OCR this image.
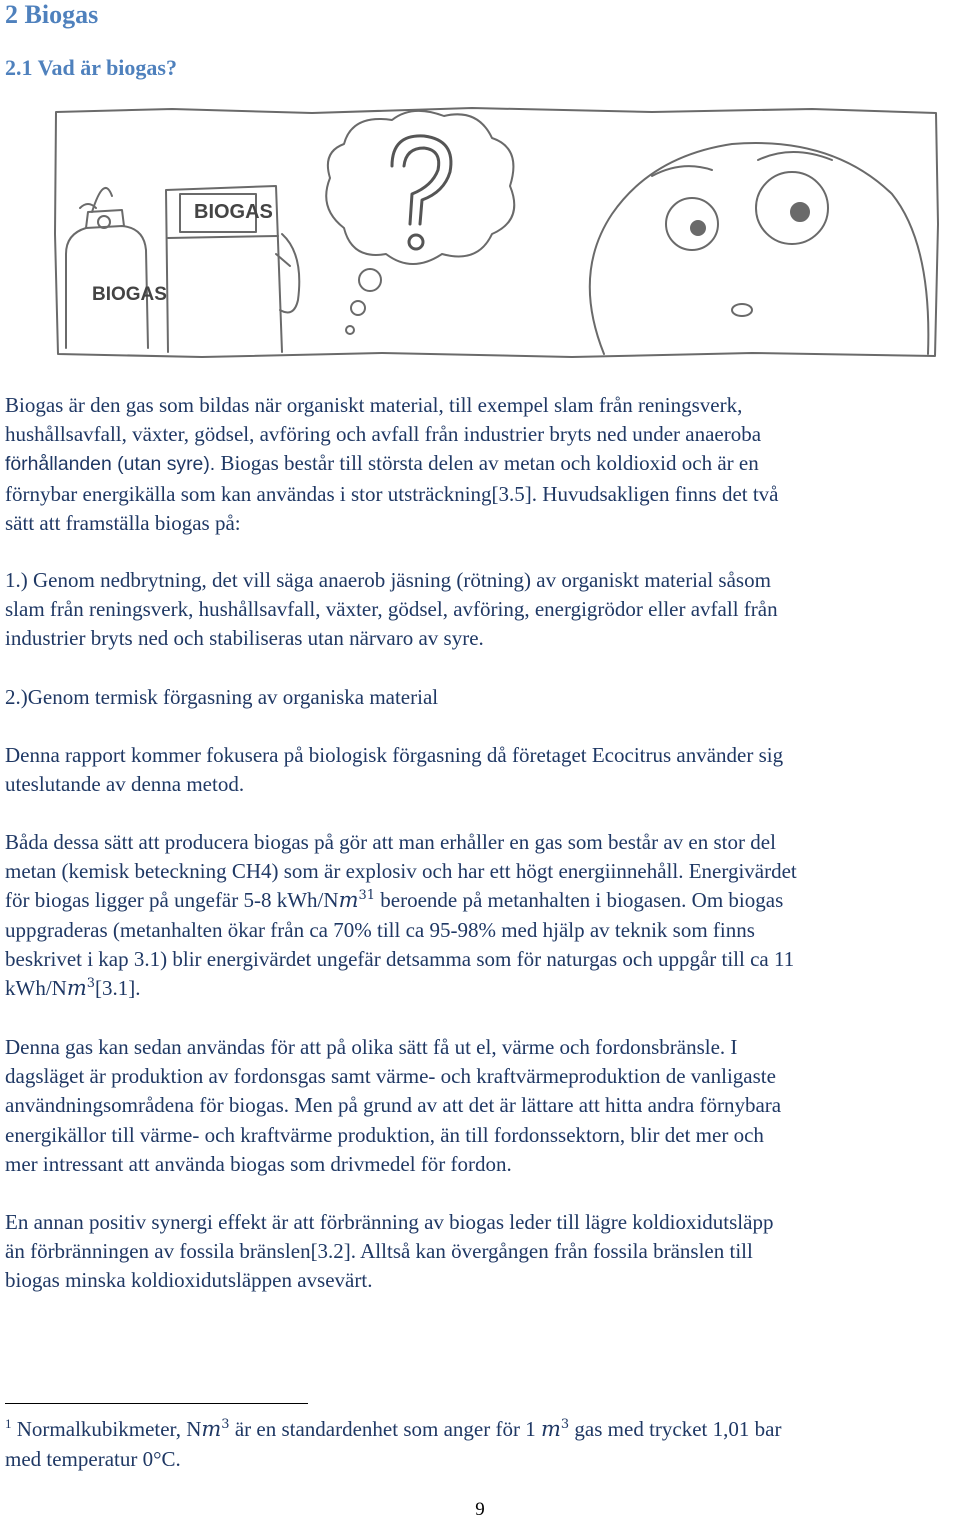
2 Biogas
2.1 Vad är biogas?
BIOGAS
BIOGAS

Biogas är den gas som bildas när organiskt material, till exempel slam från reningsverk,
hushållsavfall, växter, gödsel, avföring och avfall från industrier bryts ned under anaeroba
förhållanden (utan syre). Biogas består till största delen av metan och koldioxid och är en
förnybar energikälla som kan användas i stor utsträckning[3.5]. Huvudsakligen finns det två
sätt att framställa biogas på:

1.) Genom nedbrytning, det vill säga anaerob jäsning (rötning) av organiskt material såsom
slam från reningsverk, hushållsavfall, växter, gödsel, avföring, energigrödor eller avfall från
industrier bryts ned och stabiliseras utan närvaro av syre.

2.)Genom termisk förgasning av organiska material

Denna rapport kommer fokusera på biologisk förgasning då företaget Ecocitrus använder sig
uteslutande av denna metod.

Båda dessa sätt att producera biogas på gör att man erhåller en gas som består av en stor del
metan (kemisk beteckning CH4) som är explosiv och har ett högt energiinnehåll. Energivärdet
för biogas ligger på ungefär 5-8 kWh/Nm$^{31}$ beroende på metanhalten i biogasen. Om biogas
uppgraderas (metanhalten ökar från ca 70% till ca 95-98% med hjälp av teknik som finns
beskrivet i kap 3.1) blir energivärdet ungefär detsamma som för naturgas och uppgår till ca 11
kWh/Nm$^3$[3.1].

Denna gas kan sedan användas för att på olika sätt få ut el, värme och fordonsbränsle. I
dagsläget är produktion av fordonsgas samt värme- och kraftvärmeproduktion de vanligaste
användningsområdena för biogas. Men på grund av att det är lättare att hitta andra förnybara
energikällor till värme- och kraftvärme produktion, än till fordonssektorn, blir det mer och
mer intressant att använda biogas som drivmedel för fordon.

En annan positiv synergi effekt är att förbränning av biogas leder till lägre koldioxidutsläpp
än förbränningen av fossila bränslen[3.2]. Alltså kan övergången från fossila bränslen till
biogas minska koldioxidutsläppen avsevärt.

$^1$ Normalkubikmeter, Nm$^3$ är en standardenhet som anger för 1 $m^3$ gas med trycket 1,01 bar
med temperatur 0°C.

9
